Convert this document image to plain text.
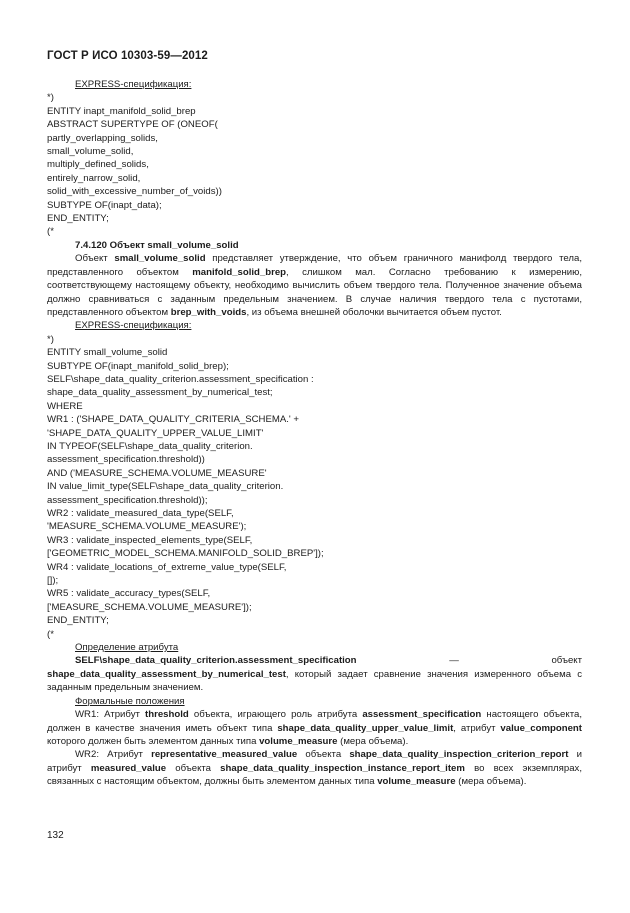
ГОСТ Р ИСО 10303-59—2012
EXPRESS-спецификация:
*)
ENTITY inapt_manifold_solid_brep
ABSTRACT SUPERTYPE OF (ONEOF(
partly_overlapping_solids,
small_volume_solid,
multiply_defined_solids,
entirely_narrow_solid,
solid_with_excessive_number_of_voids))
SUBTYPE OF(inapt_data);
END_ENTITY;
(*
7.4.120 Объект small_volume_solid

Объект small_volume_solid представляет утверждение, что объем граничного манифолд твердого тела, представленного объектом manifold_solid_brep, слишком мал. Согласно требованию к измерению, соответствующему настоящему объекту, необходимо вычислить объем твердого тела. Полученное значение объема должно сравниваться с заданным предельным значением. В случае наличия твердого тела с пустотами, представленного объектом brep_with_voids, из объема внешней оболочки вычитается объем пустот.

EXPRESS-спецификация:
*)
ENTITY small_volume_solid
SUBTYPE OF(inapt_manifold_solid_brep);
SELF\shape_data_quality_criterion.assessment_specification :
shape_data_quality_assessment_by_numerical_test;
WHERE
WR1 : ('SHAPE_DATA_QUALITY_CRITERIA_SCHEMA.' +
'SHAPE_DATA_QUALITY_UPPER_VALUE_LIMIT'
IN TYPEOF(SELF\shape_data_quality_criterion.
assessment_specification.threshold))
AND ('MEASURE_SCHEMA.VOLUME_MEASURE'
IN value_limit_type(SELF\shape_data_quality_criterion.
assessment_specification.threshold));
WR2 : validate_measured_data_type(SELF,
'MEASURE_SCHEMA.VOLUME_MEASURE');
WR3 : validate_inspected_elements_type(SELF,
['GEOMETRIC_MODEL_SCHEMA.MANIFOLD_SOLID_BREP']);
WR4 : validate_locations_of_extreme_value_type(SELF,
[]);
WR5 : validate_accuracy_types(SELF,
['MEASURE_SCHEMA.VOLUME_MEASURE']);
END_ENTITY;
(*
Определение атрибута

SELF\shape_data_quality_criterion.assessment_specification — объект shape_data_quality_assessment_by_numerical_test, который задает сравнение значения измеренного объема с заданным предельным значением.

Формальные положения

WR1: Атрибут threshold объекта, играющего роль атрибута assessment_specification настоящего объекта, должен в качестве значения иметь объект типа shape_data_quality_upper_value_limit, атрибут value_component которого должен быть элементом данных типа volume_measure (мера объема).

WR2: Атрибут representative_measured_value объекта shape_data_quality_inspection_criterion_report и атрибут measured_value объекта shape_data_quality_inspection_instance_report_item во всех экземплярах, связанных с настоящим объектом, должны быть элементом данных типа volume_measure (мера объема).

132
